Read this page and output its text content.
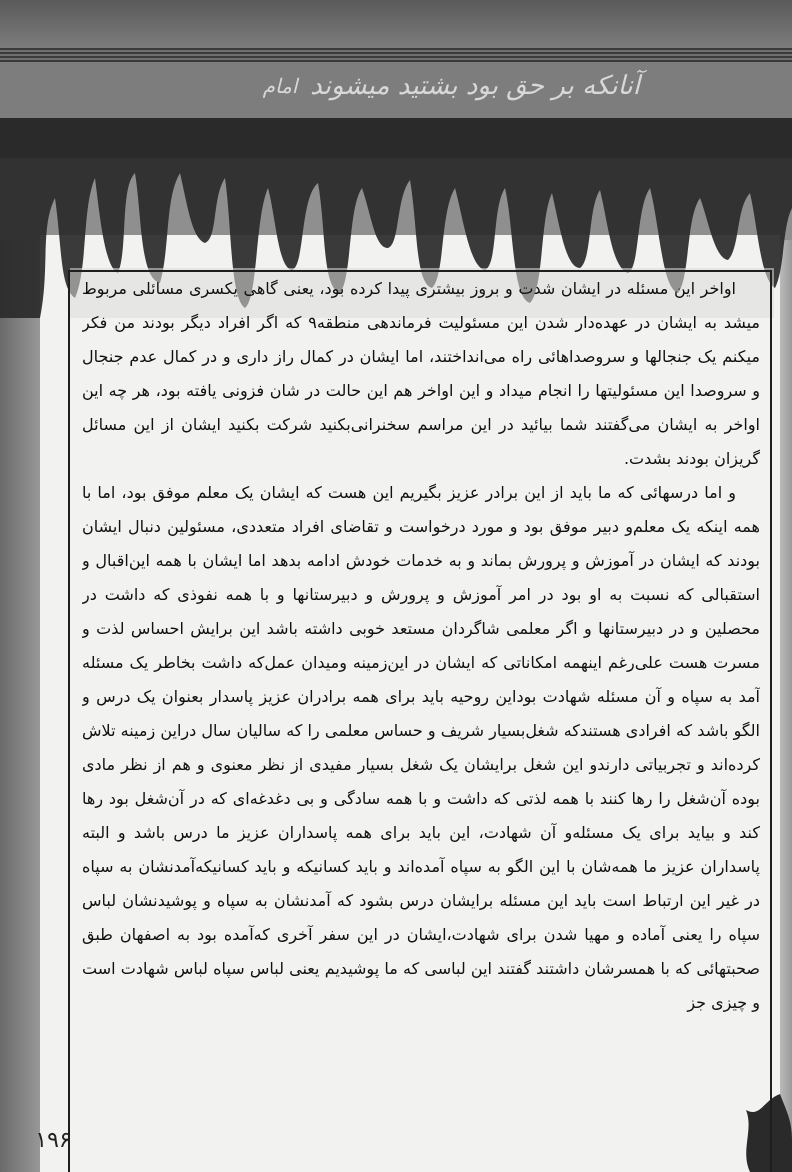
آنانکه بر حق بود بشتید میشوند
امام

اواخر این مسئله در ایشان شدت و بروز بیشتری پیدا کرده بود، یعنی گاهی یکسری مسائلی مربوط میشد به ایشان در عهده‌دار شدن این مسئولیت فرماندهی منطقه۹ که اگر افراد دیگر بودند من فکر میکنم یک جنجالها و سروصداهائی راه می‌انداختند، اما ایشان در کمال راز داری و در کمال عدم جنجال و سروصدا این مسئولیتها را انجام میداد و این اواخر هم این حالت در شان فزونی یافته بود، هر چه این اواخر به ایشان می‌گفتند شما بیائید در این مراسم سخنرانی‌بکنید شرکت بکنید ایشان از این مسائل گریزان بودند بشدت.

و اما درسهائی که ما باید از این برادر عزیز بگیریم این هست که ایشان یک معلم موفق بود، اما با همه اینکه یک معلم‌و دبیر موفق بود و مورد درخواست و تقاضای افراد متعددی، مسئولین دنبال ایشان بودند که ایشان در آموزش و پرورش بماند و به خدمات خودش ادامه بدهد اما ایشان با همه این‌اقبال و استقبالی که نسبت به او بود در امر آموزش و پرورش و دبیرستانها و با همه نفوذی که داشت در محصلین و در دبیرستانها و اگر معلمی شاگردان مستعد خوبی داشته باشد این برایش احساس لذت و مسرت هست علی‌رغم اینهمه امکاناتی که ایشان در این‌زمینه ومیدان عمل‌که داشت بخاطر یک مسئله آمد به سپاه و آن مسئله شهادت بوداین روحیه باید برای همه برادران عزیز پاسدار بعنوان یک درس و الگو باشد که افرادی هستندکه شغل‌بسیار شریف و حساس معلمی را که سالیان سال دراین زمینه تلاش کرده‌اند و تجربیاتی دارند‌و این شغل برایشان یک شغل بسیار مفیدی از نظر معنوی و هم از نظر مادی بوده آن‌شغل را رها کنند با همه لذتی که داشت و با همه سادگی و بی دغدغه‌ای که در آن‌شغل بود رها کند و بیاید برای یک مسئله‌و آن شهادت، این باید برای همه پاسداران عزیز ما درس باشد و البته پاسداران عزیز ما همه‌شان با این الگو به سپاه آمده‌اند و باید کسانیکه و باید کسانیکه‌آمدنشان به سپاه در غیر این ارتباط است باید این مسئله برایشان درس بشود که آمدنشان به سپاه و پوشیدنشان لباس سپاه را یعنی آماده و مهیا شدن برای شهادت،ایشان در این سفر آخری که‌آمده بود به اصفهان طبق صحبتهائی که با همسرشان داشتند گفتند این لباسی که ما پوشیدیم یعنی لباس سپاه لباس شهادت است و چیزی جز

۱۹۶
